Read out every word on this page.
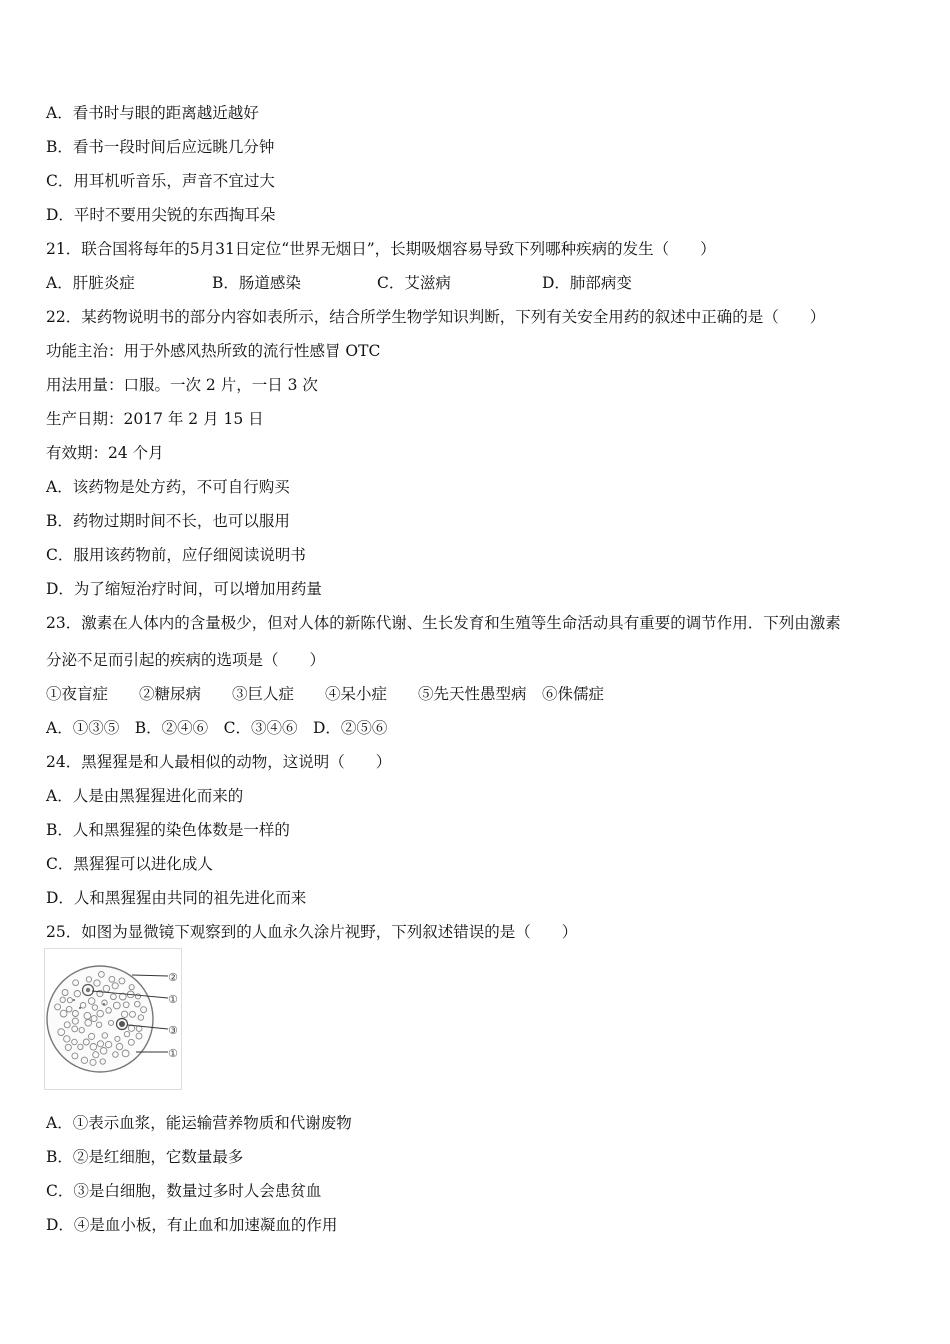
A．看书时与眼的距离越近越好
B．看书一段时间后应远眺几分钟
C．用耳机听音乐，声音不宜过大
D．平时不要用尖锐的东西掏耳朵
21．联合国将每年的5月31日定位“世界无烟日”，长期吸烟容易导致下列哪种疾病的发生（　　）
A．肝脏炎症	B．肠道感染	C．艾滋病	D．肺部病变
22．某药物说明书的部分内容如表所示，结合所学生物学知识判断，下列有关安全用药的叙述中正确的是（　　）
功能主治：用于外感风热所致的流行性感冒 OTC
用法用量：口服。一次 2 片，一日 3 次
生产日期：2017 年 2 月 15 日
有效期：24 个月
A．该药物是处方药，不可自行购买
B．药物过期时间不长，也可以服用
C．服用该药物前，应仔细阅读说明书
D．为了缩短治疗时间，可以增加用药量
23．激素在人体内的含量极少，但对人体的新陈代谢、生长发育和生殖等生命活动具有重要的调节作用．下列由激素
分泌不足而引起的疾病的选项是（　　）
①夜盲症　　②糖尿病　　③巨人症　　④呆小症　　⑤先天性愚型病　⑥侏儒症
A．①③⑤　B．②④⑥　C．③④⑥　D．②⑤⑥
24．黑猩猩是和人最相似的动物，这说明（　　）
A．人是由黑猩猩进化而来的
B．人和黑猩猩的染色体数是一样的
C．黑猩猩可以进化成人
D．人和黑猩猩由共同的祖先进化而来
25．如图为显微镜下观察到的人血永久涂片视野，下列叙述错误的是（　　）
②
①
③
①
A．①表示血浆，能运输营养物质和代谢废物
B．②是红细胞，它数量最多
C．③是白细胞，数量过多时人会患贫血
D．④是血小板，有止血和加速凝血的作用
